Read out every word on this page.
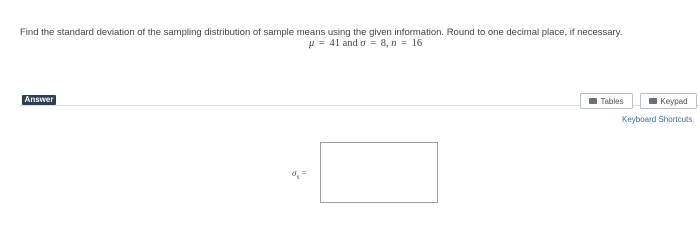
Find the standard deviation of the sampling distribution of sample means using the given information. Round to one decimal place, if necessary.
μ = 41 and σ = 8, n = 16
Answer	Tables	Keypad
Keyboard Shortcuts
$\sigma_{x̄}$ =
